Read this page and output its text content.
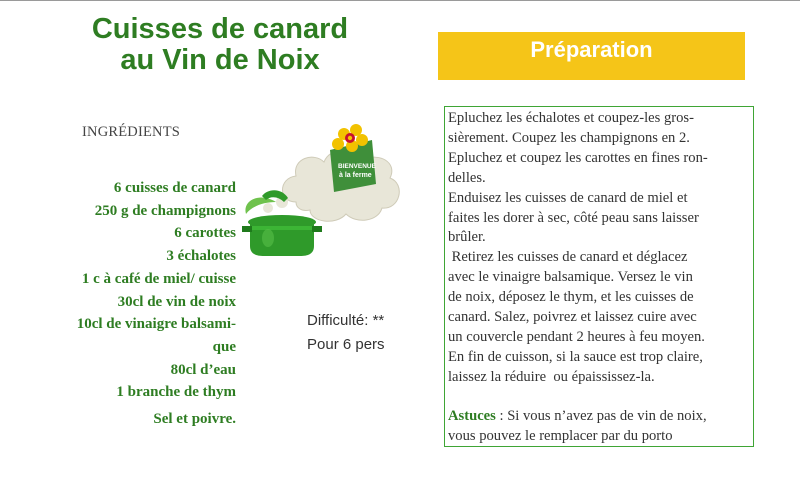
Cuisses de canard
au Vin de Noix	Préparation
INGRÉDIENTS
6 cuisses de canard
250 g de champignons
6 carottes
3 échalotes
1 c à café de miel/ cuisse
30cl de vin de noix
10cl de vinaigre balsami-
que
80cl d’eau
1 branche de thym
Sel et poivre.
BIENVENUE
à la ferme
Difficulté: **
Pour 6 pers

Epluchez les échalotes et coupez-les gros-

sièrement. Coupez les champignons en 2.

Epluchez et coupez les carottes en fines ron-

delles.

Enduisez les cuisses de canard de miel et

faites les dorer à sec, côté peau sans laisser

brûler.

Retirez les cuisses de canard et déglacez

avec le vinaigre balsamique. Versez le vin

de noix, déposez le thym, et les cuisses de

canard. Salez, poivrez et laissez cuire avec

un couvercle pendant 2 heures à feu moyen.

En fin de cuisson, si la sauce est trop claire,

laissez la réduire  ou épaississez-la.

Astuces : Si vous n’avez pas de vin de noix,

vous pouvez le remplacer par du porto
